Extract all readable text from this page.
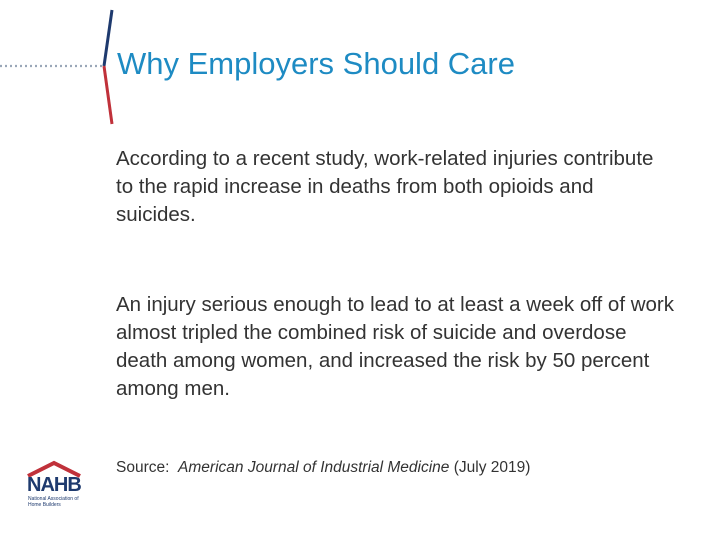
Why Employers Should Care
According to a recent study, work-related injuries contribute to the rapid increase in deaths from both opioids and suicides.
An injury serious enough to lead to at least a week off of work almost tripled the combined risk of suicide and overdose death among women, and increased the risk by 50 percent among men.
Source: American Journal of Industrial Medicine (July 2019)
NAHB
National Association of Home Builders
